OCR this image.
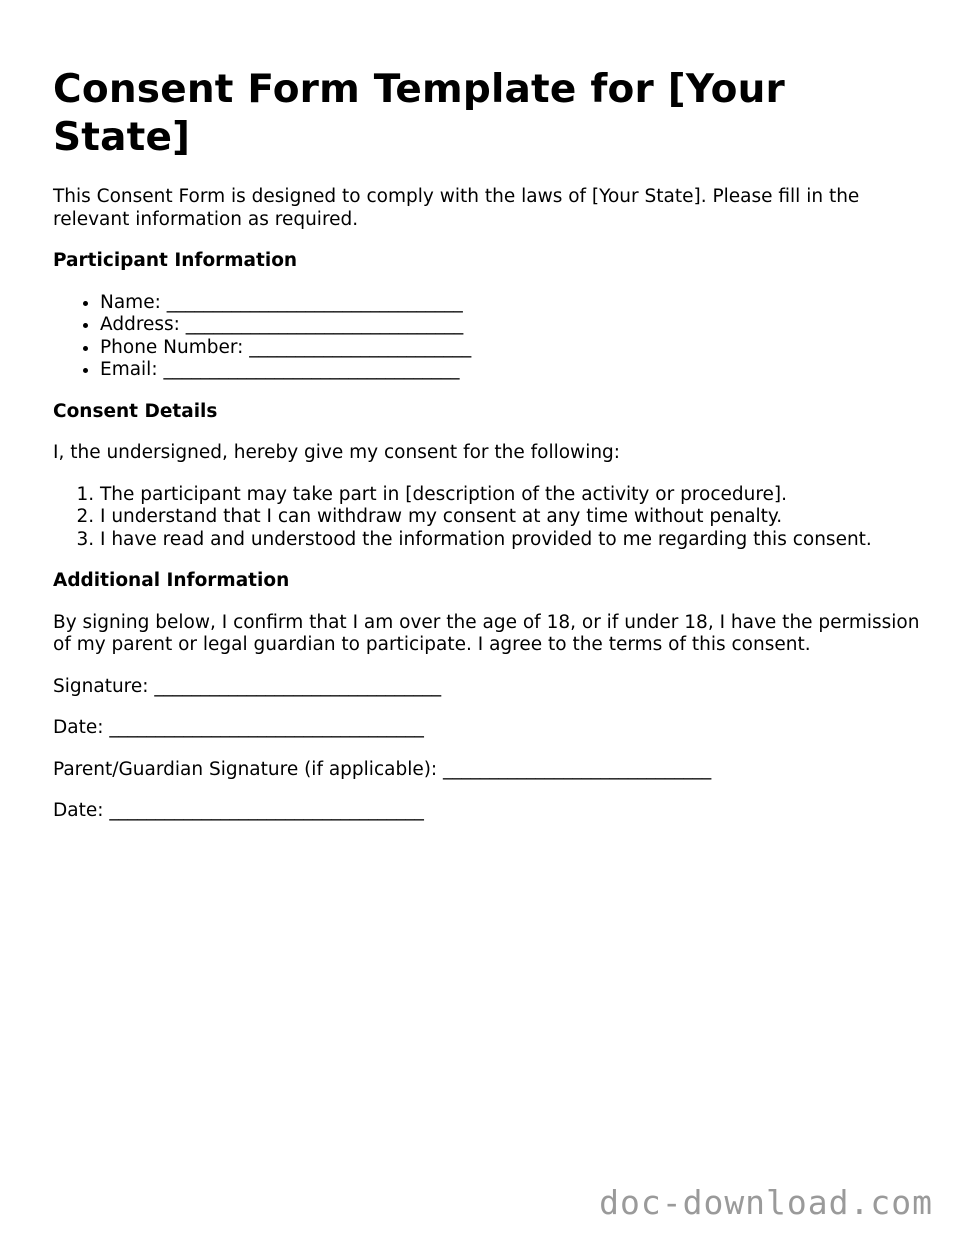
Consent Form Template for [Your State]

This Consent Form is designed to comply with the laws of [Your State]. Please fill in the relevant information as required.

Participant Information
• Name: ________________________________
• Address: ______________________________
• Phone Number: ________________________
• Email: ________________________________
Consent Details

I, the undersigned, hereby give my consent for the following:

1. The participant may take part in [description of the activity or procedure].
2. I understand that I can withdraw my consent at any time without penalty.
3. I have read and understood the information provided to me regarding this consent.
Additional Information

By signing below, I confirm that I am over the age of 18, or if under 18, I have the permission of my parent or legal guardian to participate. I agree to the terms of this consent.

Signature: _______________________________
Date: __________________________________
Parent/Guardian Signature (if applicable): _____________________________
Date: __________________________________
doc-download.com
